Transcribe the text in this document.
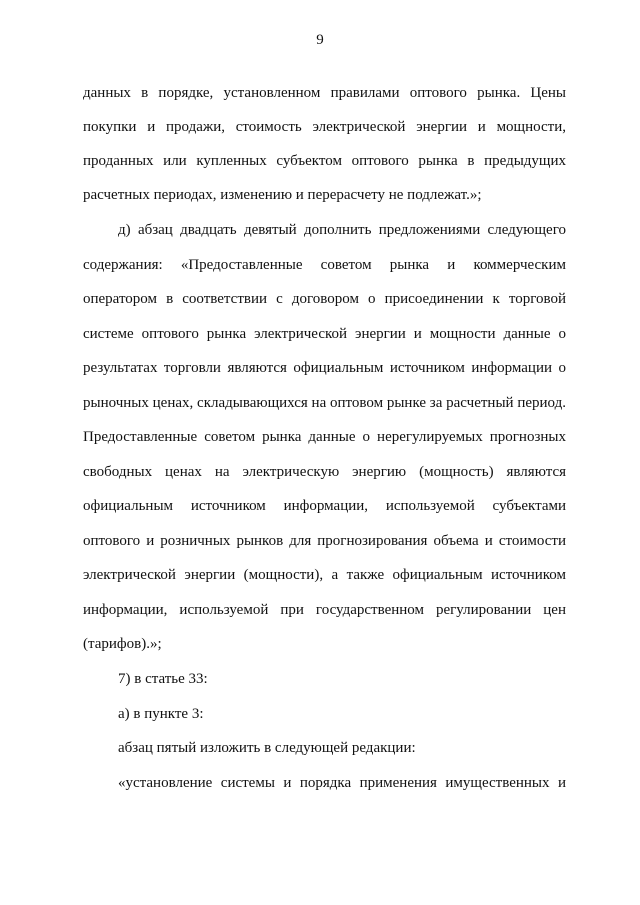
9
данных в порядке, установленном правилами оптового рынка. Цены
покупки и продажи, стоимость электрической энергии и мощности,
проданных или купленных субъектом оптового рынка в предыдущих
расчетных периодах, изменению и перерасчету не подлежат.»;
д) абзац двадцать девятый дополнить предложениями следующего
содержания: «Предоставленные советом рынка и коммерческим
оператором в соответствии с договором о присоединении к торговой
системе оптового рынка электрической энергии и мощности данные о
результатах торговли являются официальным источником информации о
рыночных ценах, складывающихся на оптовом рынке за расчетный период.
Предоставленные советом рынка данные о нерегулируемых прогнозных
свободных ценах на электрическую энергию (мощность) являются
официальным источником информации, используемой субъектами
оптового и розничных рынков для прогнозирования объема и стоимости
электрической энергии (мощности), а также официальным источником
информации, используемой при государственном регулировании цен
(тарифов).»;
7) в статье 33:
а) в пункте 3:
абзац пятый изложить в следующей редакции:
«установление системы и порядка применения имущественных и
